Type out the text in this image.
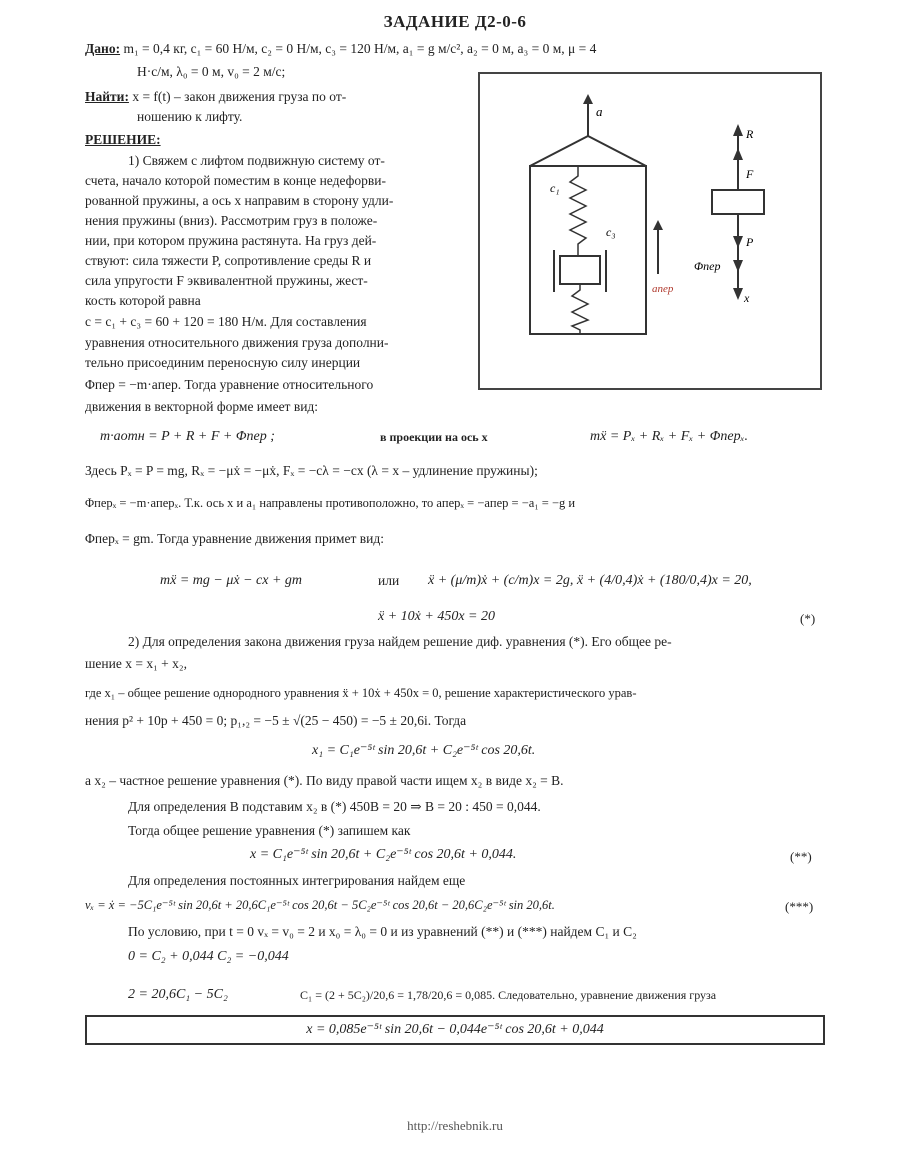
ЗАДАНИЕ Д2-0-6
Дано: m₁ = 0,4 кг, c₁ = 60 Н/м, c₂ = 0 Н/м, c₃ = 120 Н/м, a₁ = g м/с², a₂ = 0 м, a₃ = 0 м, μ = 4
Н·с/м, λ₀ = 0 м, v₀ = 2 м/с;
Найти: x = f(t) – закон движения груза по от-
ношению к лифту.
РЕШЕНИЕ:
1) Свяжем с лифтом подвижную систему от-
счета, начало которой поместим в конце недефорви-
рованной пружины, а ось x направим в сторону удли-
нения пружины (вниз). Рассмотрим груз в положе-
нии, при котором пружина растянута. На груз дей-
ствуют: сила тяжести P, сопротивление среды R и
сила упругости F эквивалентной пружины, жест-
кость которой равна
c = c₁ + c₃ = 60 + 120 = 180 Н/м. Для составления
уравнения относительного движения груза дополни-
тельно присоединим переносную силу инерции
Φпер = −m·aпер. Тогда уравнение относительного
движения в векторной форме имеет вид:
a
c₁
c₃
aпер
R
F
P
Φпер
x
m·aотн = P + R + F + Φпер ;	в проекции на ось x	mẍ = Pₓ + Rₓ + Fₓ + Φперₓ.
Здесь Pₓ = P = mg, Rₓ = −μẋ = −μẋ, Fₓ = −cλ = −cx (λ = x – удлинение пружины);
Φперₓ = −m·aперₓ. Т.к. ось x и a₁ направлены противоположно, то aперₓ = −aпер = −a₁ = −g и
Φперₓ = gm. Тогда уравнение движения примет вид:
mẍ = mg − μẋ − cx + gm	или ẍ + (μ/m)ẋ + (c/m)x = 2g, ẍ + (4/0,4)ẋ + (180/0,4)x = 20,
ẍ + 10ẋ + 450x = 20	(*)
2) Для определения закона движения груза найдем решение диф. уравнения (*). Его общее ре-
шение x = x₁ + x₂,
где x₁ – общее решение однородного уравнения ẍ + 10ẋ + 450x = 0, решение характеристического урав-
нения p² + 10p + 450 = 0; p₁,₂ = −5 ± √(25 − 450) = −5 ± 20,6i. Тогда
x₁ = C₁e⁻⁵ᵗ sin 20,6t + C₂e⁻⁵ᵗ cos 20,6t.
а x₂ – частное решение уравнения (*). По виду правой части ищем x₂ в виде x₂ = B.
Для определения B подставим x₂ в (*) 450B = 20 ⇒ B = 20 : 450 = 0,044.
Тогда общее решение уравнения (*) запишем как
x = C₁e⁻⁵ᵗ sin 20,6t + C₂e⁻⁵ᵗ cos 20,6t + 0,044.	(**)
Для определения постоянных интегрирования найдем еще
vₓ = ẋ = −5C₁e⁻⁵ᵗ sin 20,6t + 20,6C₁e⁻⁵ᵗ cos 20,6t − 5C₂e⁻⁵ᵗ cos 20,6t − 20,6C₂e⁻⁵ᵗ sin 20,6t.	(***)
По условию, при t = 0 vₓ = v₀ = 2 и x₀ = λ₀ = 0 и из уравнений (**) и (***) найдем C₁ и C₂
0 = C₂ + 0,044 C₂ = −0,044
2 = 20,6C₁ − 5C₂	C₁ = (2 + 5C₂)/20,6 = 1,78/20,6 = 0,085. Следовательно, уравнение движения груза
x = 0,085e⁻⁵ᵗ sin 20,6t − 0,044e⁻⁵ᵗ cos 20,6t + 0,044
http://reshebnik.ru
